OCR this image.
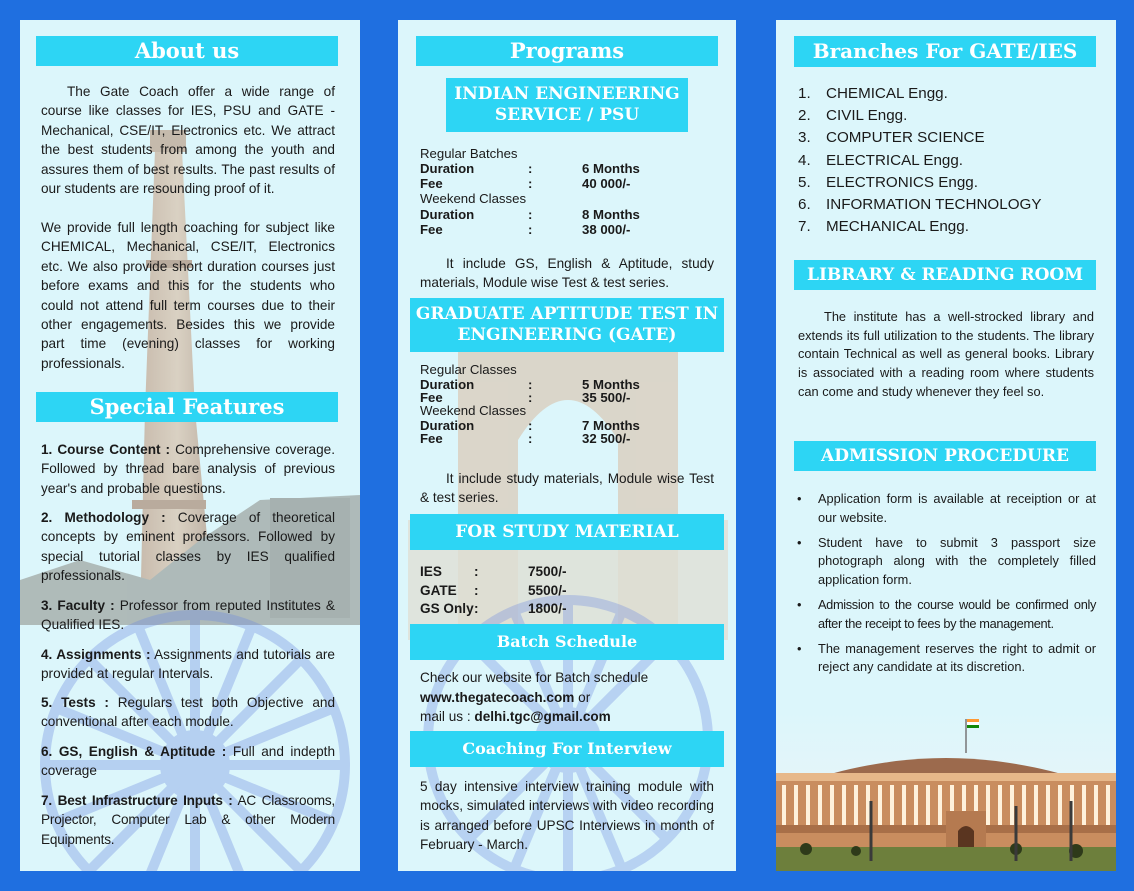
About us

The Gate Coach offer a wide range of course like classes for IES, PSU and GATE - Mechanical, CSE/IT, Electronics etc. We attract the best students from among the youth and assures them of best results. The past results of our students are resounding proof of it.

We provide full length coaching for subject like CHEMICAL, Mechanical, CSE/IT, Electronics etc. We also provide short duration courses just before exams and this for the students who could not attend full term courses due to their other engagements. Besides this we provide part time (evening) classes for working professionals.

Special Features
1. Course Content : Comprehensive coverage. Followed by thread bare analysis of previous year's and probable questions.
2. Methodology : Coverage of theoretical concepts by eminent professors. Followed by special tutorial classes by IES qualified professionals.
3. Faculty : Professor from reputed Institutes & Qualified IES.
4. Assignments : Assignments and tutorials are provided at regular Intervals.
5. Tests : Regulars test both Objective and conventional after each module.
6. GS, English & Aptitude : Full and indepth coverage
7. Best Infrastructure Inputs : AC Classrooms, Projector, Computer Lab & other Modern Equipments.
Programs
INDIAN ENGINEERING SERVICE / PSU
Regular Batches
Duration	:	6 Months
Fee	:	40 000/-
Weekend Classes
Duration	:	8 Months
Fee	:	38 000/-

It include GS, English & Aptitude, study materials, Module wise Test & test series.

GRADUATE APTITUDE TEST IN ENGINEERING (GATE)
Regular Classes
Duration	:	5 Months
Fee	:	35 500/-
Weekend Classes
Duration	:	7 Months
Fee	:	32 500/-

It include study materials, Module wise Test & test series.

FOR STUDY MATERIAL
IES :	7500/-
GATE :	5500/-
GS Only :	1800/-
Batch Schedule
Check our website for Batch schedule
www.thegatecoach.com or
mail us : delhi.tgc@gmail.com
Coaching For Interview

5 day intensive interview training module with mocks, simulated interviews with video recording is arranged before UPSC Interviews in month of February - March.

Branches For GATE/IES
1. CHEMICAL Engg.
2. CIVIL Engg.
3. COMPUTER SCIENCE
4. ELECTRICAL Engg.
5. ELECTRONICS Engg.
6. INFORMATION TECHNOLOGY
7. MECHANICAL Engg.
LIBRARY & READING ROOM

The institute has a well-strocked library and extends its full utilization to the students. The library contain Technical as well as general books. Library is associated with a reading room where students can come and study whenever they feel so.

ADMISSION PROCEDURE
• Application form is available at receiption or at our website.
• Student have to submit 3 passport size photograph along with the completely filled application form.
• Admission to the course would be confirmed only after the receipt to fees by the management.
• The management reserves the right to admit or reject any candidate at its discretion.
